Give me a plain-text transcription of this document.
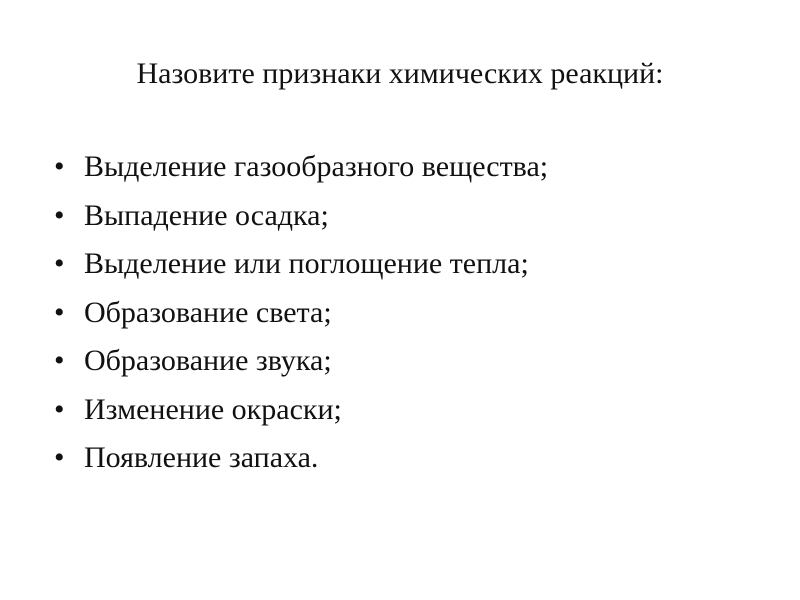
Назовите признаки химических реакций:
• Выделение газообразного вещества;
• Выпадение осадка;
• Выделение или поглощение тепла;
• Образование света;
• Образование звука;
• Изменение окраски;
• Появление запаха.
